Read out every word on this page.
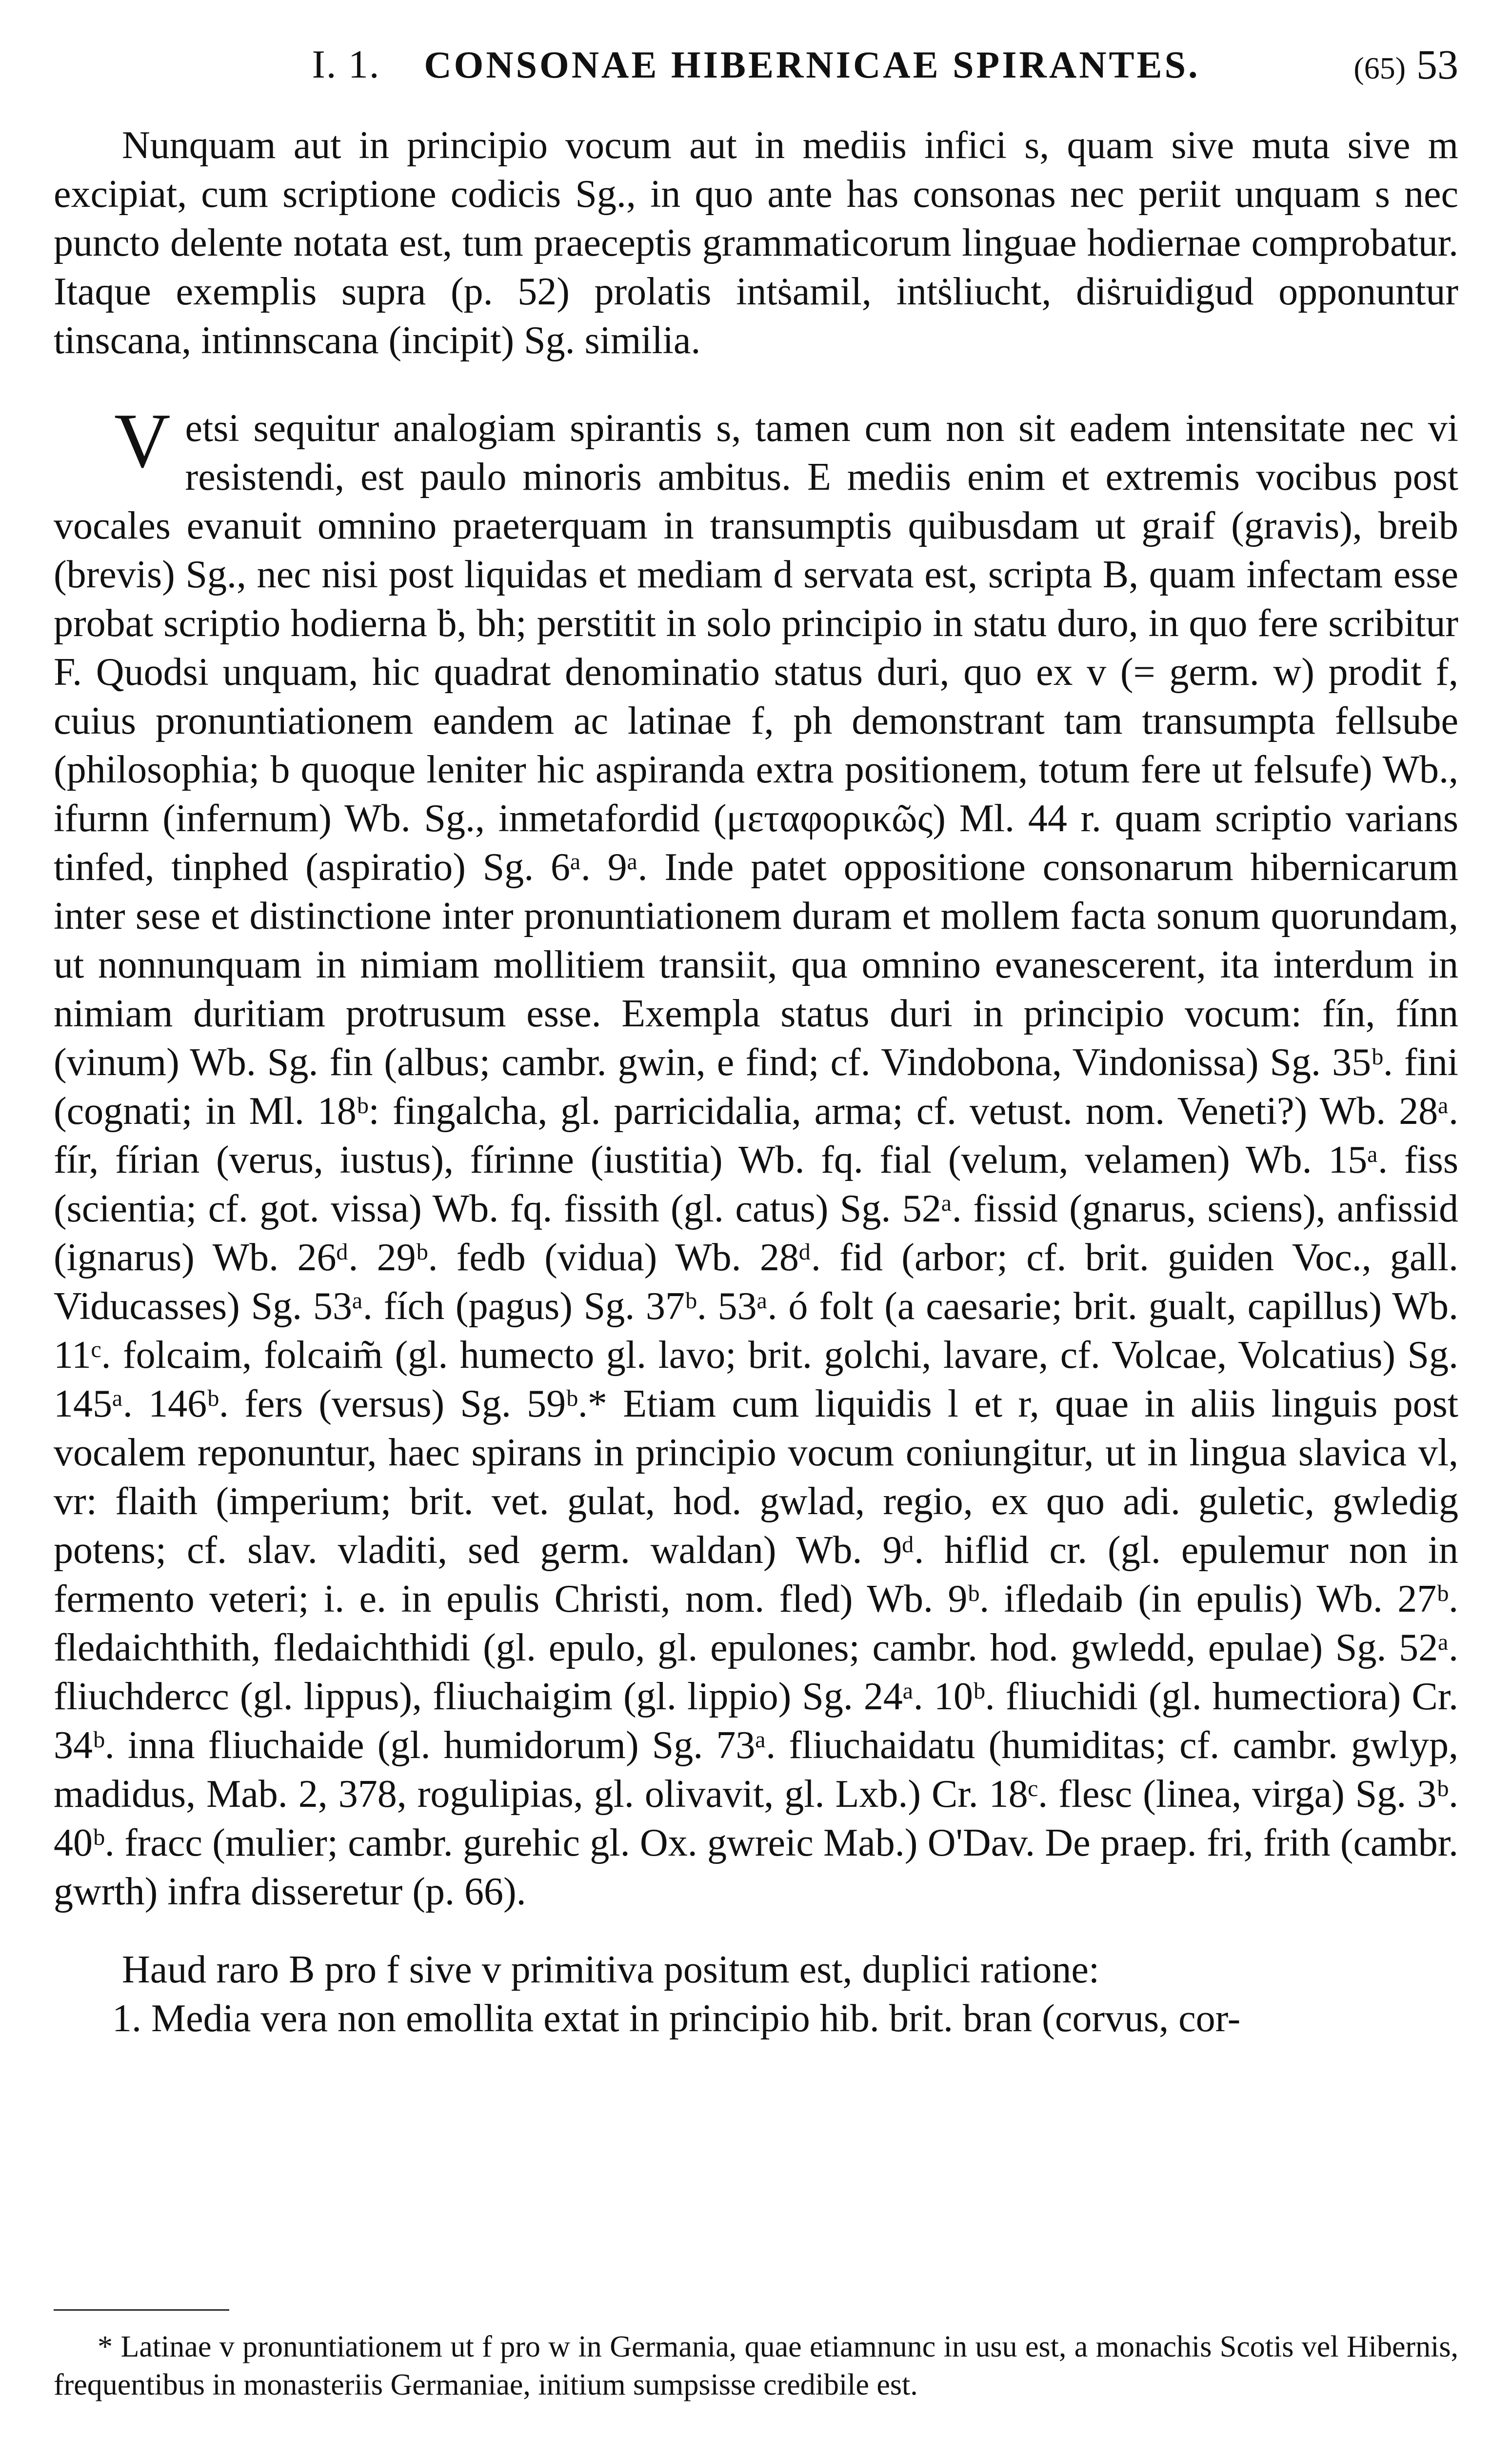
I. 1. CONSONAE HIBERNICAE SPIRANTES.	(65) 53

Nunquam aut in principio vocum aut in mediis infici s, quam sive muta sive m excipiat, cum scriptione codicis Sg., in quo ante has consonas nec periit unquam s nec puncto delente notata est, tum praeceptis grammaticorum linguae hodiernae comprobatur. Itaque exemplis supra (p. 52) prolatis intṡamil, intṡliucht, diṡruidigud opponuntur tinscana, intinnscana (incipit) Sg. similia.

Vetsi sequitur analogiam spirantis s, tamen cum non sit eadem intensitate nec vi resistendi, est paulo minoris ambitus. E mediis enim et extremis vocibus post vocales evanuit omnino praeterquam in transumptis quibusdam ut graif (gravis), breib (brevis) Sg., nec nisi post liquidas et mediam d servata est, scripta B, quam infectam esse probat scriptio hodierna ḃ, bh; perstitit in solo principio in statu duro, in quo fere scribitur F. Quodsi unquam, hic quadrat denominatio status duri, quo ex v (= germ. w) prodit f, cuius pronuntiationem eandem ac latinae f, ph demonstrant tam transumpta fellsube (philosophia; b quoque leniter hic aspiranda extra positionem, totum fere ut felsufe) Wb., ifurnn (infernum) Wb. Sg., inmetafordid (μεταφορικῶς) Ml. 44 r. quam scriptio varians tinfed, tinphed (aspiratio) Sg. 6ᵃ. 9ᵃ. Inde patet oppositione consonarum hibernicarum inter sese et distinctione inter pronuntiationem duram et mollem facta sonum quorundam, ut nonnunquam in nimiam mollitiem transiit, qua omnino evanescerent, ita interdum in nimiam duritiam protrusum esse. Exempla status duri in principio vocum: fín, fínn (vinum) Wb. Sg. fin (albus; cambr. gwin, e find; cf. Vindobona, Vindonissa) Sg. 35ᵇ. fini (cognati; in Ml. 18ᵇ: fingalcha, gl. parricidalia, arma; cf. vetust. nom. Veneti?) Wb. 28ᵃ. fír, fírian (verus, iustus), fírinne (iustitia) Wb. fq. fial (velum, velamen) Wb. 15ᵃ. fiss (scientia; cf. got. vissa) Wb. fq. fissith (gl. catus) Sg. 52ᵃ. fissid (gnarus, sciens), anfissid (ignarus) Wb. 26ᵈ. 29ᵇ. fedb (vidua) Wb. 28ᵈ. fid (arbor; cf. brit. guiden Voc., gall. Viducasses) Sg. 53ᵃ. fích (pagus) Sg. 37ᵇ. 53ᵃ. ó folt (a caesarie; brit. gualt, capillus) Wb. 11ᶜ. folcaim, folcaim̃ (gl. humecto gl. lavo; brit. golchi, lavare, cf. Volcae, Volcatius) Sg. 145ᵃ. 146ᵇ. fers (versus) Sg. 59ᵇ.* Etiam cum liquidis l et r, quae in aliis linguis post vocalem reponuntur, haec spirans in principio vocum coniungitur, ut in lingua slavica vl, vr: flaith (imperium; brit. vet. gulat, hod. gwlad, regio, ex quo adi. guletic, gwledig potens; cf. slav. vladiti, sed germ. waldan) Wb. 9ᵈ. hifl​id cr. (gl. epulemur non in fermento veteri; i. e. in epulis Christi, nom. fled) Wb. 9ᵇ. ifledaib (in epulis) Wb. 27ᵇ. fledaichthith, fledaichthidi (gl. epulo, gl. epulones; cambr. hod. gwledd, epulae) Sg. 52ᵃ. fliuchdercc (gl. lippus), fliuchaigim (gl. lippio) Sg. 24ᵃ. 10ᵇ. fliuchidi (gl. humectiora) Cr. 34ᵇ. inna fliuchaide (gl. humidorum) Sg. 73ᵃ. fliuchaidatu (humiditas; cf. cambr. gwlyp, madidus, Mab. 2, 378, rogulipias, gl. olivavit, gl. Lxb.) Cr. 18ᶜ. flesc (linea, virga) Sg. 3ᵇ. 40ᵇ. fracc (mulier; cambr. gurehic gl. Ox. gwreic Mab.) O'Dav. De praep. fri, frith (cambr. gwrth) infra disseretur (p. 66).

Haud raro B pro f sive v primitiva positum est, duplici ratione:

1. Media vera non emollita extat in principio hib. brit. bran (corvus, cor-

* Latinae v pronuntiationem ut f pro w in Germania, quae etiamnunc in usu est, a monachis Scotis vel Hibernis, frequentibus in monasteriis Germaniae, initium sumpsisse credibile est.
